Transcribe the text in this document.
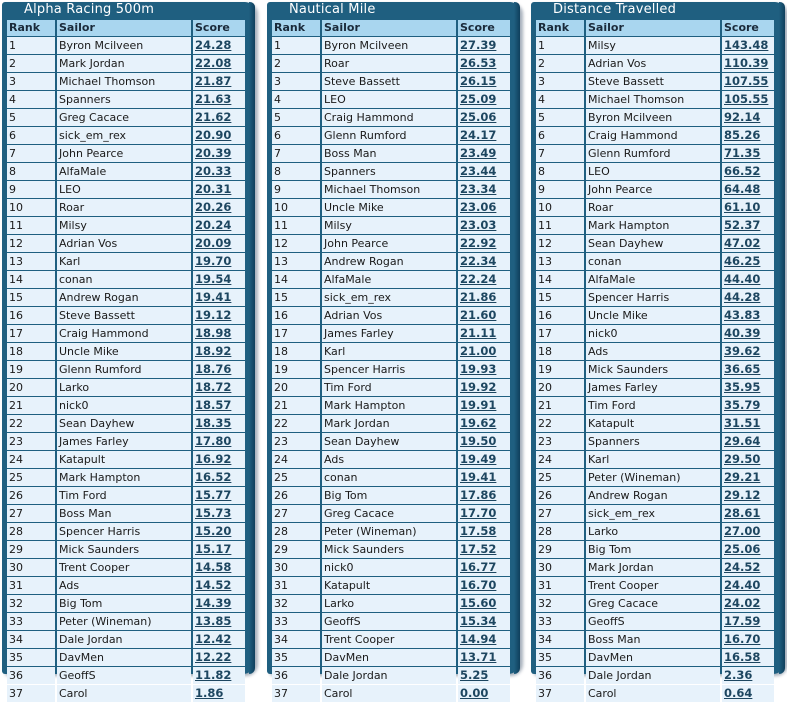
Alpha Racing 500m
Rank	Sailor	Score
1	Byron Mcilveen	24.28
2	Mark Jordan	22.08
3	Michael Thomson	21.87
4	Spanners	21.63
5	Greg Cacace	21.62
6	sick_em_rex	20.90
7	John Pearce	20.39
8	AlfaMale	20.33
9	LEO	20.31
10	Roar	20.26
11	Milsy	20.24
12	Adrian Vos	20.09
13	Karl	19.70
14	conan	19.54
15	Andrew Rogan	19.41
16	Steve Bassett	19.12
17	Craig Hammond	18.98
18	Uncle Mike	18.92
19	Glenn Rumford	18.76
20	Larko	18.72
21	nick0	18.57
22	Sean Dayhew	18.35
23	James Farley	17.80
24	Katapult	16.92
25	Mark Hampton	16.52
26	Tim Ford	15.77
27	Boss Man	15.73
28	Spencer Harris	15.20
29	Mick Saunders	15.17
30	Trent Cooper	14.58
31	Ads	14.52
32	Big Tom	14.39
33	Peter (Wineman)	13.85
34	Dale Jordan	12.42
35	DavMen	12.22
36	GeoffS	11.82
37	Carol	1.86
Nautical Mile
Rank	Sailor	Score
1	Byron Mcilveen	27.39
2	Roar	26.53
3	Steve Bassett	26.15
4	LEO	25.09
5	Craig Hammond	25.06
6	Glenn Rumford	24.17
7	Boss Man	23.49
8	Spanners	23.44
9	Michael Thomson	23.34
10	Uncle Mike	23.06
11	Milsy	23.03
12	John Pearce	22.92
13	Andrew Rogan	22.34
14	AlfaMale	22.24
15	sick_em_rex	21.86
16	Adrian Vos	21.60
17	James Farley	21.11
18	Karl	21.00
19	Spencer Harris	19.93
20	Tim Ford	19.92
21	Mark Hampton	19.91
22	Mark Jordan	19.62
23	Sean Dayhew	19.50
24	Ads	19.49
25	conan	19.41
26	Big Tom	17.86
27	Greg Cacace	17.70
28	Peter (Wineman)	17.58
29	Mick Saunders	17.52
30	nick0	16.77
31	Katapult	16.70
32	Larko	15.60
33	GeoffS	15.34
34	Trent Cooper	14.94
35	DavMen	13.71
36	Dale Jordan	5.25
37	Carol	0.00
Distance Travelled
Rank	Sailor	Score
1	Milsy	143.48
2	Adrian Vos	110.39
3	Steve Bassett	107.55
4	Michael Thomson	105.55
5	Byron Mcilveen	92.14
6	Craig Hammond	85.26
7	Glenn Rumford	71.35
8	LEO	66.52
9	John Pearce	64.48
10	Roar	61.10
11	Mark Hampton	52.37
12	Sean Dayhew	47.02
13	conan	46.25
14	AlfaMale	44.40
15	Spencer Harris	44.28
16	Uncle Mike	43.83
17	nick0	40.39
18	Ads	39.62
19	Mick Saunders	36.65
20	James Farley	35.95
21	Tim Ford	35.79
22	Katapult	31.51
23	Spanners	29.64
24	Karl	29.50
25	Peter (Wineman)	29.21
26	Andrew Rogan	29.12
27	sick_em_rex	28.61
28	Larko	27.00
29	Big Tom	25.06
30	Mark Jordan	24.52
31	Trent Cooper	24.40
32	Greg Cacace	24.02
33	GeoffS	17.59
34	Boss Man	16.70
35	DavMen	16.58
36	Dale Jordan	2.36
37	Carol	0.64
